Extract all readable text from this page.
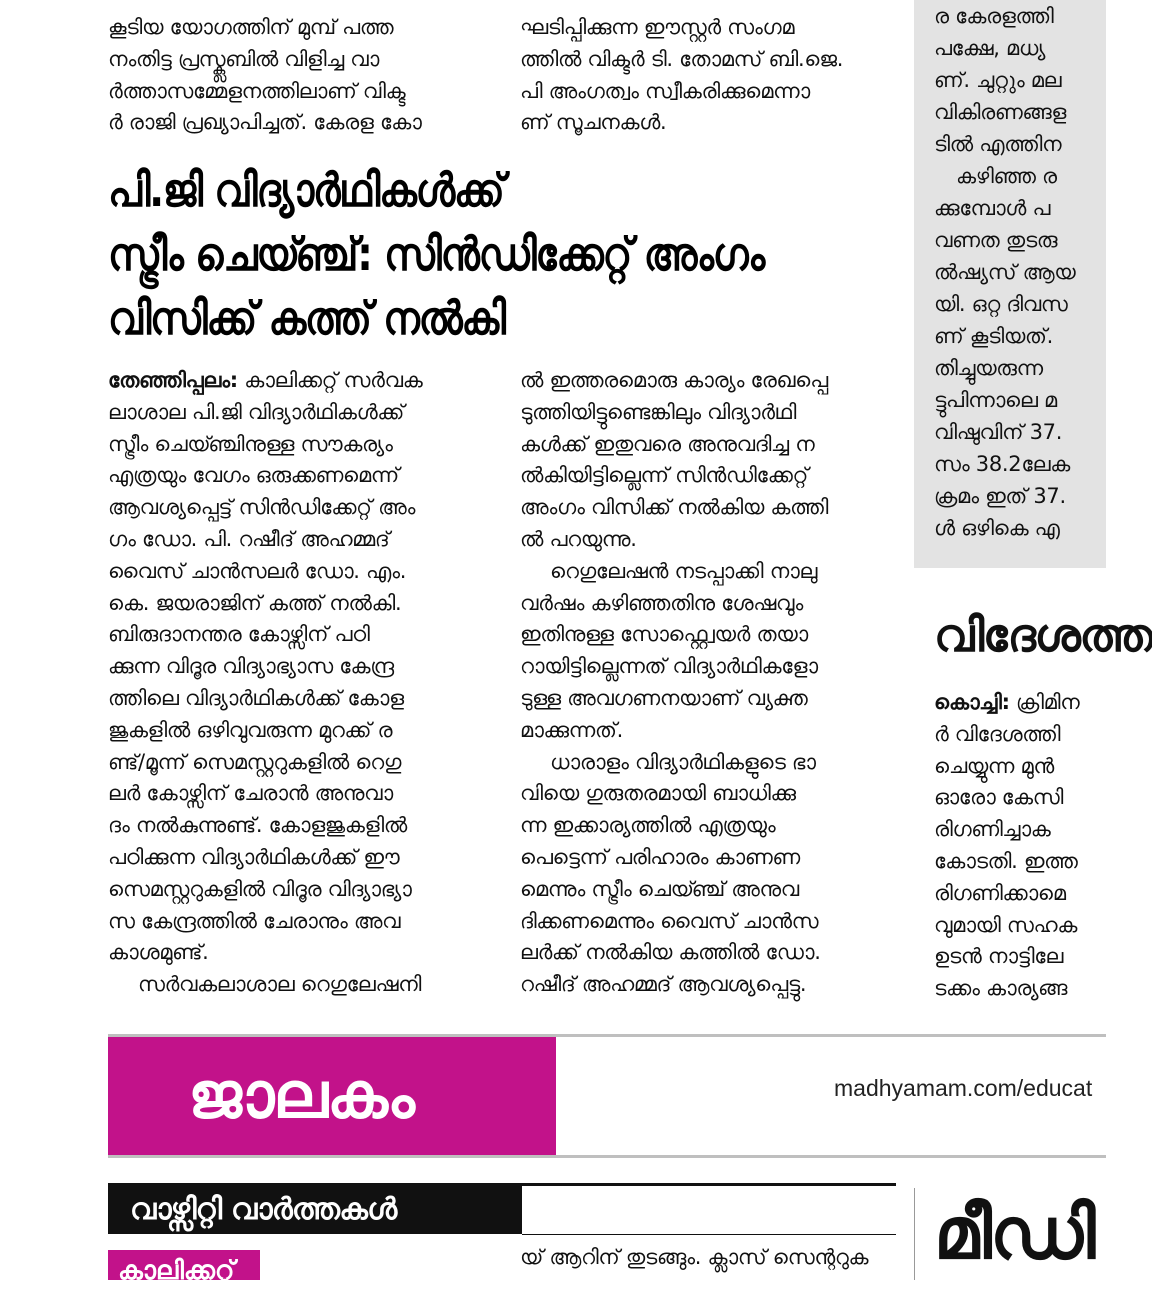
കൂടിയ യോഗത്തിന് മുമ്പ് പത്ത
നംതിട്ട പ്രസ്ക്ലബിൽ വിളിച്ച വാ
ർത്താസമ്മേളനത്തിലാണ് വിക്ട
ർ രാജി പ്രഖ്യാപിച്ചത്. കേരള കോ
ഘടിപ്പിക്കുന്ന ഈസ്റ്റർ സംഗമ
ത്തിൽ വിക്ടർ ടി. തോമസ് ബി.ജെ.
പി അംഗത്വം സ്വീകരിക്കുമെന്നാ
ണ് സൂചനകൾ.
ര കേരളത്തി
പക്ഷേ, മധ്യ
ണ്. ചുറ്റും മല
വികിരണങ്ങള
ടിൽ എത്തിന
കഴിഞ്ഞ ര
ക്കുമ്പോൾ പ
വണത തുടരു
ൽഷ്യസ് ആയ
യി. ഒറ്റ ദിവസ
ണ് കൂടിയത്.
തിച്ചുയരുന്ന
ട്ടുപിന്നാലെ മ
വിഷുവിന് 37.
സം 38.2ലേക
ക്രമം ഇത് 37.
ൾ ഒഴികെ എ
പി.ജി വിദ്യാർഥികൾക്ക്
സ്ട്രീം ചെയ്ഞ്ച്: സിൻഡിക്കേറ്റ് അംഗം
വിസിക്ക് കത്ത് നൽകി
തേഞ്ഞിപ്പലം: കാലിക്കറ്റ് സർവക
ലാശാല പി.ജി വിദ്യാർഥികൾക്ക്
സ്ട്രീം ചെയ്ഞ്ചിനുള്ള സൗകര്യം
എത്രയും വേഗം ഒരുക്കണമെന്ന്
ആവശ്യപ്പെട്ട് സിൻഡിക്കേറ്റ് അം
ഗം ഡോ. പി. റഷീദ് അഹമ്മദ്
വൈസ് ചാൻസലർ ഡോ. എം.
കെ. ജയരാജിന് കത്ത് നൽകി.
ബിരുദാനന്തര കോഴ്സിന് പഠി
ക്കുന്ന വിദൂര വിദ്യാഭ്യാസ കേന്ദ്ര
ത്തിലെ വിദ്യാർഥികൾക്ക് കോള
ജുകളിൽ ഒഴിവുവരുന്ന മുറക്ക് ര
ണ്ട്/മൂന്ന് സെമസ്റ്ററുകളിൽ റെഗു
ലർ കോഴ്സിന് ചേരാൻ അനുവാ
ദം നൽകുന്നുണ്ട്. കോളജുകളിൽ
പഠിക്കുന്ന വിദ്യാർഥികൾക്ക് ഈ
സെമസ്റ്ററുകളിൽ വിദൂര വിദ്യാഭ്യാ
സ കേന്ദ്രത്തിൽ ചേരാനും അവ
കാശമുണ്ട്.
സർവകലാശാല റെഗുലേഷനി
ൽ ഇത്തരമൊരു കാര്യം രേഖപ്പെ
ടുത്തിയിട്ടുണ്ടെങ്കിലും വിദ്യാർഥി
കൾക്ക് ഇതുവരെ അനുവദിച്ച ന
ൽകിയിട്ടില്ലെന്ന് സിൻഡിക്കേറ്റ്
അംഗം വിസിക്ക് നൽകിയ കത്തി
ൽ പറയുന്നു.
റെഗുലേഷൻ നടപ്പാക്കി നാലു
വർഷം കഴിഞ്ഞതിനു ശേഷവും
ഇതിനുള്ള സോഫ്റ്റ്വെയർ തയാ
റായിട്ടില്ലെന്നത് വിദ്യാർഥികളോ
ടുള്ള അവഗണനയാണ് വ്യക്ത
മാക്കുന്നത്.
ധാരാളം വിദ്യാർഥികളുടെ ഭാ
വിയെ ഗുരുതരമായി ബാധിക്കു
ന്ന ഇക്കാര്യത്തിൽ എത്രയും
പെട്ടെന്ന് പരിഹാരം കാണണ
മെന്നും സ്ട്രീം ചെയ്ഞ്ച് അനുവ
ദിക്കണമെന്നും വൈസ് ചാൻസ
ലർക്ക് നൽകിയ കത്തിൽ ഡോ.
റഷീദ് അഹമ്മദ് ആവശ്യപ്പെട്ടു.
വിദേശത്ത
കൊച്ചി: ക്രിമിന
ർ വിദേശത്തി
ചെയ്യുന്ന മുൻ
ഓരോ കേസി
രിഗണിച്ചാക
കോടതി. ഇത്ത
രിഗണിക്കാമെ
വുമായി സഹക
ഉടൻ നാട്ടിലേ
ടക്കം കാര്യങ്ങ
ജാലകം	madhyamam.com/educat
വാഴ്സിറ്റി വാർത്തകൾ
കാലിക്കറ്റ്	യ് ആറിന് തുടങ്ങും. ക്ലാസ് സെന്ററുക മീഡി
